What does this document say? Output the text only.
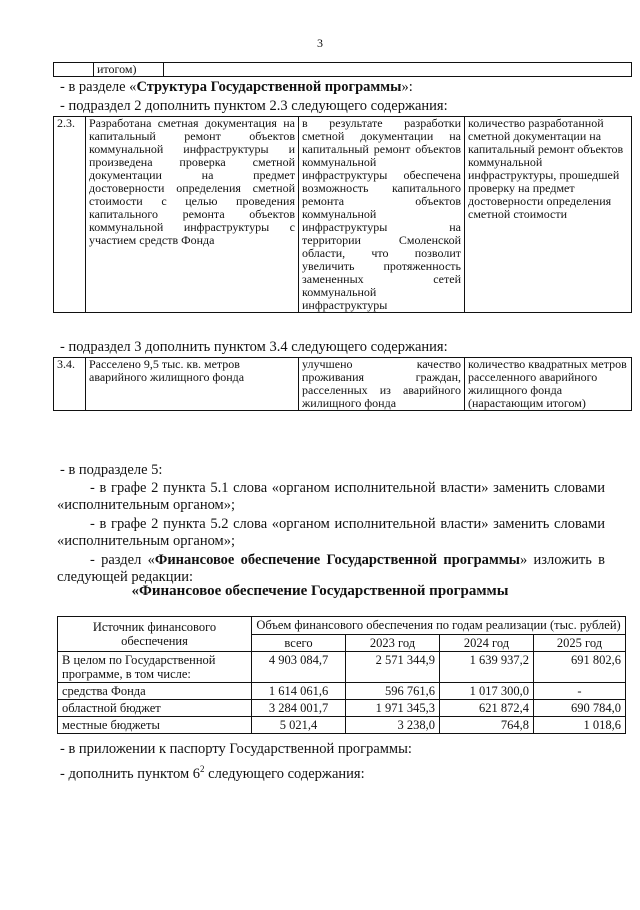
3
	итогом)	
- в разделе «Структура Государственной программы»:
- подраздел 2 дополнить пунктом 2.3 следующего содержания:
2.3.	Разработана сметная документация на капитальный ремонт объектов коммунальной инфраструктуры и произведена проверка сметной документации на предмет достоверности определения сметной стоимости с целью проведения капитального ремонта объектов коммунальной инфраструктуры с участием средств Фонда	в результате разработки сметной документации на капитальный ремонт объектов коммунальной инфраструктуры обеспечена возможность капитального ремонта объектов коммунальной инфраструктуры на территории Смоленской области, что позволит увеличить протяженность замененных сетей коммунальной инфраструктуры	количество разработанной сметной документации на капитальный ремонт объектов коммунальной инфраструктуры, прошедшей проверку на предмет достоверности определения сметной стоимости
- подраздел 3 дополнить пунктом 3.4 следующего содержания:
3.4.	Расселено 9,5 тыс. кв. метров аварийного жилищного фонда	улучшено качество проживания граждан, расселенных из аварийного жилищного фонда	количество квадратных метров расселенного аварийного жилищного фонда (нарастающим итогом)
- в подразделе 5:
- в графе 2 пункта 5.1 слова «органом исполнительной власти» заменить словами «исполнительным органом»;
- в графе 2 пункта 5.2 слова «органом исполнительной власти» заменить словами «исполнительным органом»;
- раздел «Финансовое обеспечение Государственной программы» изложить в следующей редакции:
«Финансовое обеспечение Государственной программы
Источник финансового обеспечения	Объем финансового обеспечения по годам реализации (тыс. рублей)			
	всего	2023 год	2024 год	2025 год
В целом по Государственной программе, в том числе:	4 903 084,7	2 571 344,9	1 639 937,2	691 802,6
средства Фонда	1 614 061,6	596 761,6	1 017 300,0	-
областной бюджет	3 284 001,7	1 971 345,3	621 872,4	690 784,0
местные бюджеты	5 021,4	3 238,0	764,8	1 018,6
- в приложении к паспорту Государственной программы:
- дополнить пунктом $6^2$ следующего содержания:
